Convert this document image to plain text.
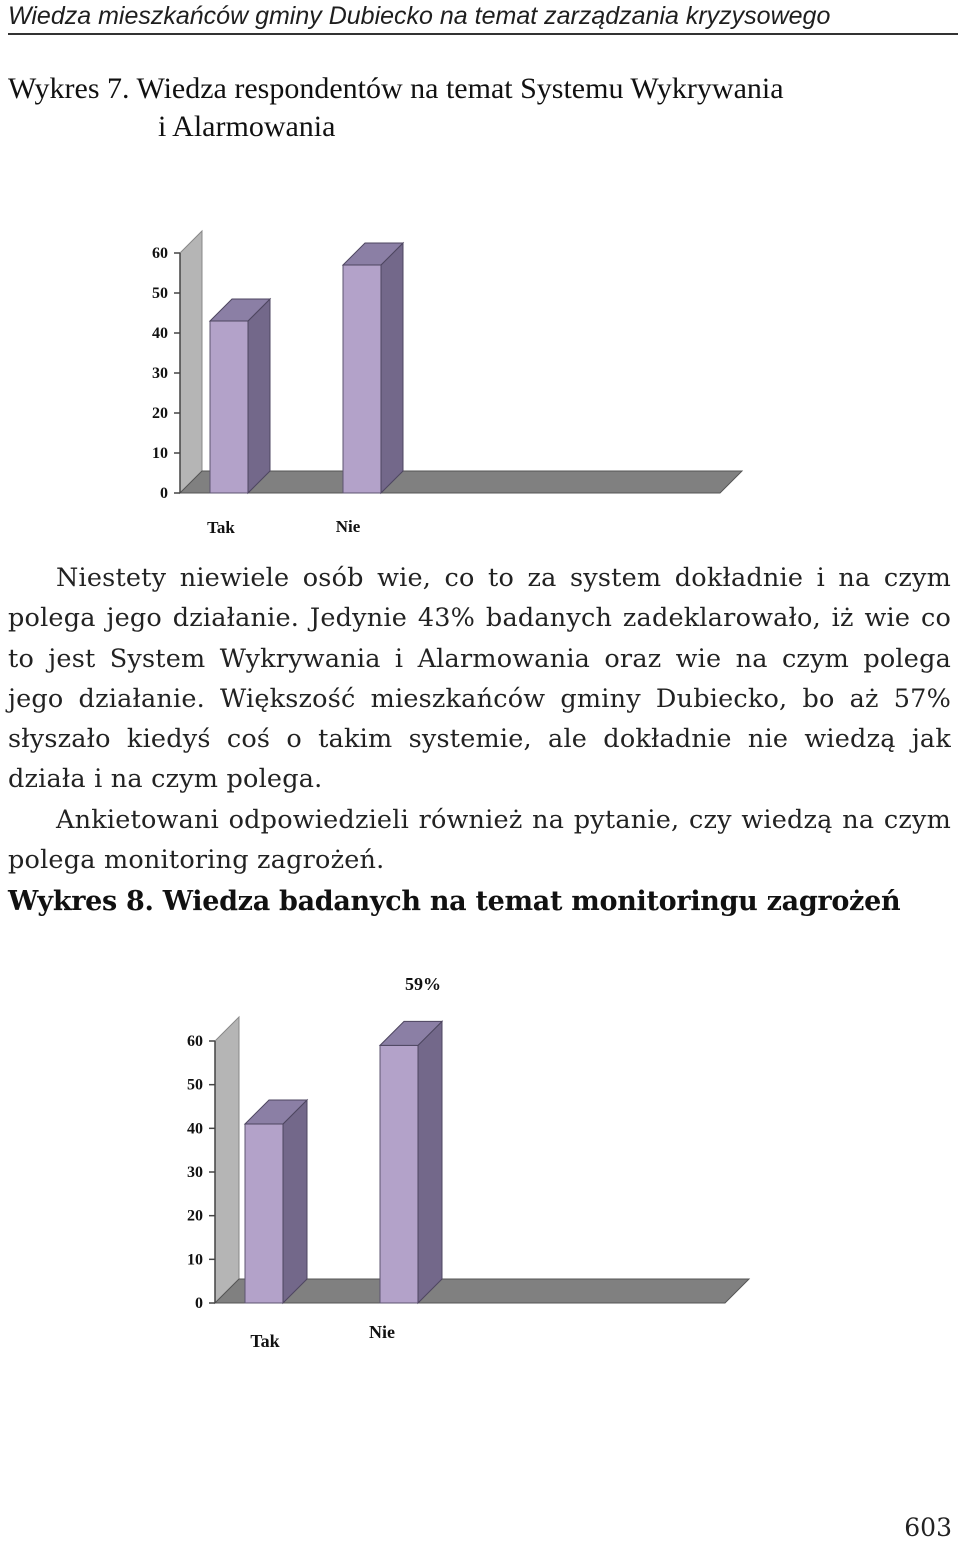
Wiedza mieszkańców gminy Dubiecko na temat zarządzania kryzysowego
Wykres 7. Wiedza respondentów na temat Systemu Wykrywania
i Alarmowania
0
10
20
30
40
50
60
Tak	Nie

Niestety niewiele osób wie, co to za system dokładnie i na czym polega jego działanie. Jedynie 43% badanych zadeklarowało, iż wie co to jest System Wykrywania i Alarmowania oraz wie na czym polega jego działanie. Większość mieszkańców gminy Dubiecko, bo aż 57% słyszało kiedyś coś o takim systemie, ale dokładnie nie wiedzą jak działa i na czym polega.

Ankietowani odpowiedzieli również na pytanie, czy wiedzą na czym polega monitoring zagrożeń.

Wykres 8. Wiedza badanych na temat monitoringu zagrożeń
0
10
20
30
40
50
60
Tak	Nie
59%
603
